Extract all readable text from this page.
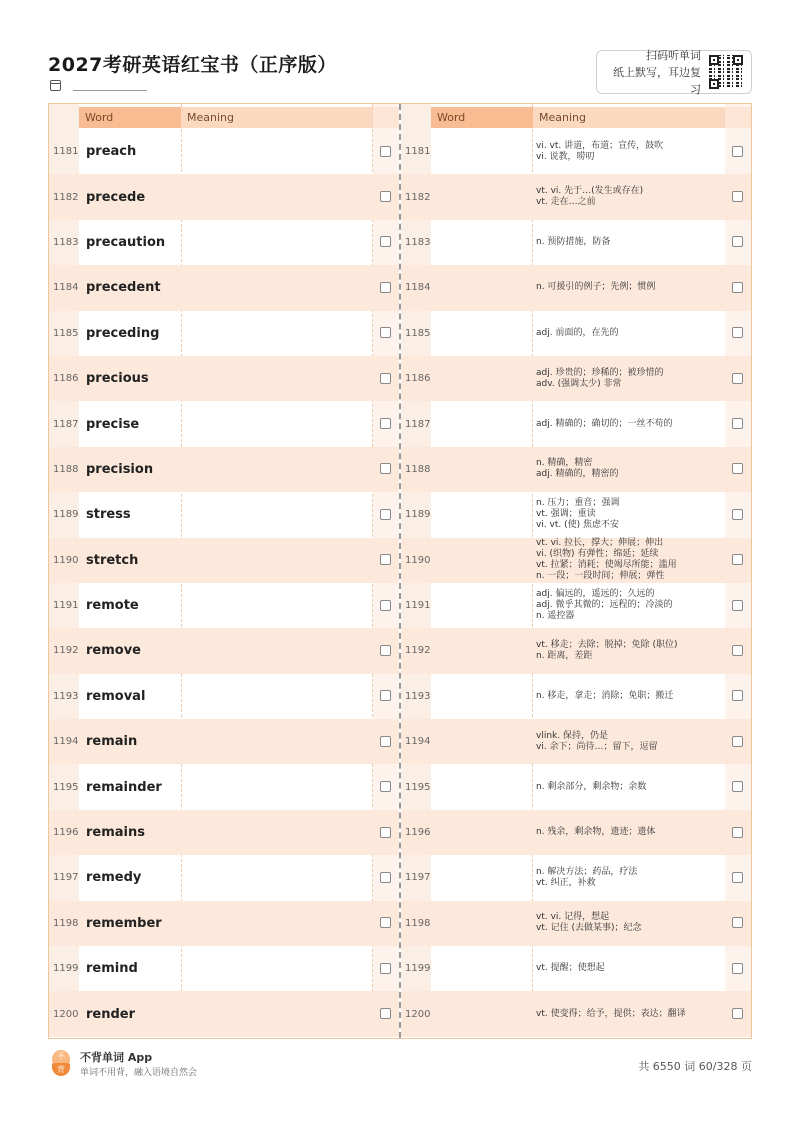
2027考研英语红宝书（正序版）	扫码听单词
纸上默写，耳边复习
Word	Meaning
1181 preach
1182 precede
1183 precaution
1184 precedent
1185 preceding
1186 precious
1187 precise
1188 precision
1189 stress
1190 stretch
1191 remote
1192 remove
1193 removal
1194 remain
1195 remainder
1196 remains
1197 remedy
1198 remember
1199 remind
1200 render
Word	Meaning
1181
vi. vt. 讲道，布道；宣传，鼓吹
vi. 说教，唠叨
1182
vt. vi. 先于…(发生或存在)
vt. 走在…之前
1183	n. 预防措施，防备
1184	n. 可援引的例子；先例；惯例
1185	adj. 前面的，在先的
1186
adj. 珍贵的；珍稀的；被珍惜的
adv. (强调太少) 非常
1187	adj. 精确的；确切的；一丝不苟的
1188
n. 精确，精密
adj. 精确的，精密的
1189
n. 压力；重音；强调
vt. 强调；重读
vi. vt. (使) 焦虑不安
1190
vt. vi. 拉长，撑大；伸展；伸出
vi. (织物) 有弹性；绵延；延续
vt. 拉紧；消耗；使竭尽所能；滥用
n. 一段；一段时间；伸展；弹性
1191
adj. 偏远的，遥远的；久远的
adj. 微乎其微的；远程的；冷淡的
n. 遥控器
1192
vt. 移走；去除；脱掉；免除 (职位)
n. 距离，差距
1193	n. 移走，拿走；消除；免职；搬迁
1194
vlink. 保持，仍是
vi. 余下；尚待…；留下，逗留
1195	n. 剩余部分，剩余物；余数
1196	n. 残余，剩余物，遗迹；遗体
1197
n. 解决方法；药品，疗法
vt. 纠正，补救
1198
vt. vi. 记得，想起
vt. 记住 (去做某事)；纪念
1199	vt. 提醒；使想起
1200	vt. 使变得；给予，提供；表达；翻译
不
背
不背单词 App
单词不用背，融入语境自然会	共 6550 词 60/328 页
